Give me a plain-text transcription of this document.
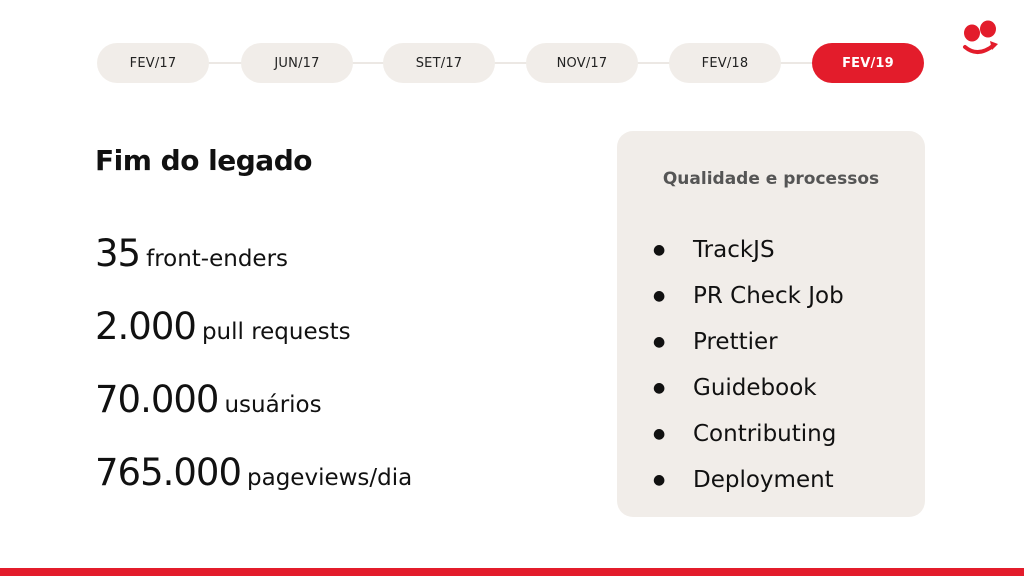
FEV/17	JUN/17	SET/17	NOV/17	FEV/18	FEV/19
Fim do legado
35 front-enders
2.000 pull requests
70.000 usuários
765.000 pageviews/dia
Qualidade e processos
●	TrackJS
●	PR Check Job
●	Prettier
●	Guidebook
●	Contributing
●	Deployment
